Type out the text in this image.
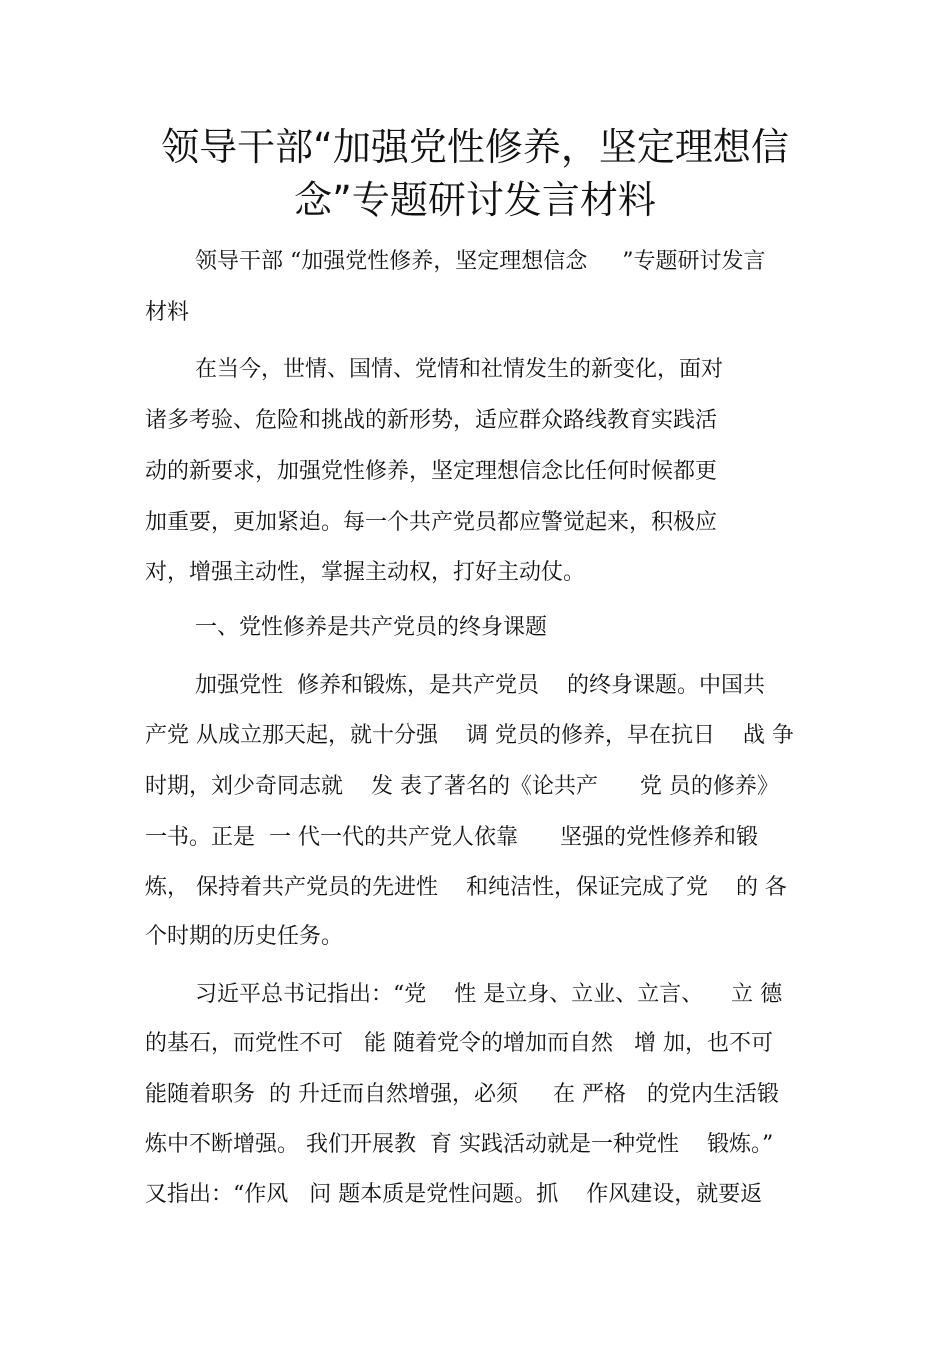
领导干部“加强党性修养，坚定理想信
念”专题研讨发言材料

领导干部 “加强党性修养，坚定理想信念     ”专题研讨发言

材料

在当今，世情、国情、党情和社情发生的新变化，面对

诸多考验、危险和挑战的新形势，适应群众路线教育实践活

动的新要求，加强党性修养，坚定理想信念比任何时候都更

加重要，更加紧迫。每一个共产党员都应警觉起来，积极应

对，增强主动性，掌握主动权，打好主动仗。

一、党性修养是共产党员的终身课题

加强党性  修养和锻炼，是共产党员    的终身课题。中国共

产党 从成立那天起，就十分强    调 党员的修养，早在抗日    战 争

时期，刘少奇同志就    发 表了著名的《论共产      党 员的修养》

一书。正是  一 代一代的共产党人依靠      坚强的党性修养和锻

炼， 保持着共产党员的先进性    和纯洁性，保证完成了党    的 各

个时期的历史任务。

习近平总书记指出：“党    性 是立身、立业、立言、    立 德

的基石，而党性不可   能 随着党令的增加而自然   增 加，也不可

能随着职务  的 升迁而自然增强，必须     在 严格   的党内生活锻

炼中不断增强。 我们开展教  育 实践活动就是一种党性    锻炼。”

又指出：“作风   问 题本质是党性问题。抓    作风建设，就要返
